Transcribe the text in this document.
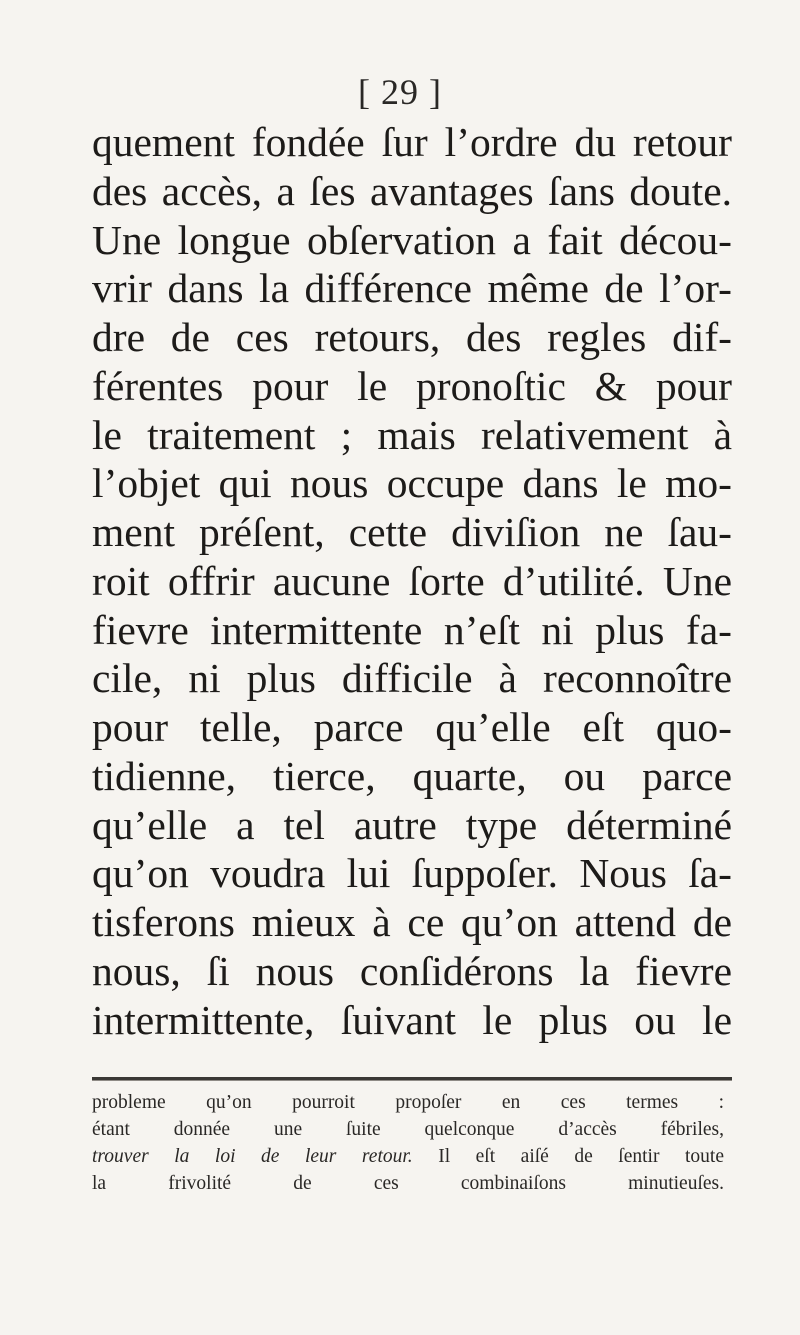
[ 29 ]
quement fondée ſur l’ordre du retour
des accès, a ſes avantages ſans doute.
Une longue obſervation a fait décou-
vrir dans la différence même de l’or-
dre de ces retours, des regles dif-
férentes pour le pronoſtic & pour
le traitement ; mais relativement à
l’objet qui nous occupe dans le mo-
ment préſent, cette diviſion ne ſau-
roit offrir aucune ſorte d’utilité. Une
fievre intermittente n’eſt ni plus fa-
cile, ni plus difficile à reconnoître
pour telle, parce qu’elle eſt quo-
tidienne, tierce, quarte, ou parce
qu’elle a tel autre type déterminé
qu’on voudra lui ſuppoſer. Nous ſa-
tisferons mieux à ce qu’on attend de
nous, ſi nous conſidérons la fievre
intermittente, ſuivant le plus ou le
probleme qu’on pourroit propoſer en ces termes :
étant donnée une ſuite quelconque d’accès fébriles,
trouver la loi de leur retour. Il eſt aiſé de ſentir toute
la frivolité de ces combinaiſons minutieuſes.
